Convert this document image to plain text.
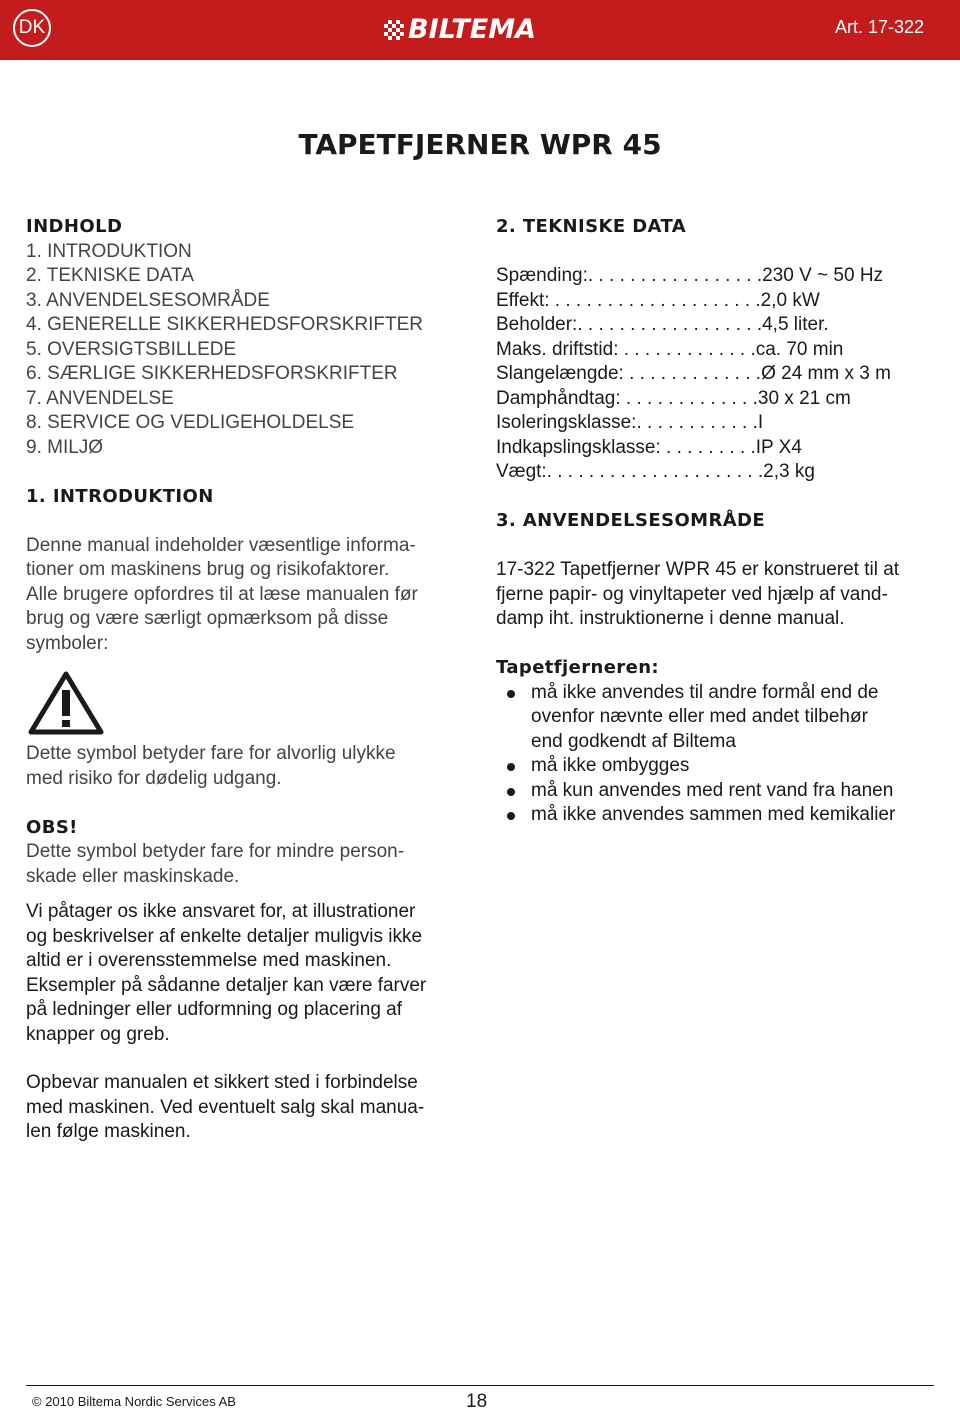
DK	BILTEMA	Art. 17-322
TAPETFJERNER WPR 45
INDHOLD
1. INTRODUKTION
2. TEKNISKE DATA
3. ANVENDELSESOMRÅDE
4. GENERELLE SIKKERHEDSFORSKRIFTER
5. OVERSIGTSBILLEDE
6. SÆRLIGE SIKKERHEDSFORSKRIFTER
7. ANVENDELSE
8. SERVICE OG VEDLIGEHOLDELSE
9. MILJØ
1. INTRODUKTION

Denne manual indeholder væsentlige informa-
tioner om maskinens brug og risikofaktorer.
Alle brugere opfordres til at læse manualen før
brug og være særligt opmærksom på disse
symboler:

Dette symbol betyder fare for alvorlig ulykke
med risiko for dødelig udgang.

OBS!

Dette symbol betyder fare for mindre person-
skade eller maskinskade.

Vi påtager os ikke ansvaret for, at illustrationer
og beskrivelser af enkelte detaljer muligvis ikke
altid er i overensstemmelse med maskinen.
Eksempler på sådanne detaljer kan være farver
på ledninger eller udformning og placering af
knapper og greb.
Opbevar manualen et sikkert sted i forbindelse
med maskinen. Ved eventuelt salg skal manua-
len følge maskinen.
2. TEKNISKE DATA
Spænding:. . . . . . . . . . . . . . . . .230 V ~ 50 Hz
Effekt: . . . . . . . . . . . . . . . . . . . .2,0 kW
Beholder:. . . . . . . . . . . . . . . . . .4,5 liter.
Maks. driftstid: . . . . . . . . . . . . .ca. 70 min
Slangelængde: . . . . . . . . . . . . .Ø 24 mm x 3 m
Damphåndtag: . . . . . . . . . . . . .30 x 21 cm
Isoleringsklasse:. . . . . . . . . . . .I
Indkapslingsklasse: . . . . . . . . .IP X4
Vægt:. . . . . . . . . . . . . . . . . . . . .2,3 kg
3. ANVENDELSESOMRÅDE

17-322 Tapetfjerner WPR 45 er konstrueret til at
fjerne papir- og vinyltapeter ved hjælp af vand-
damp iht. instruktionerne i denne manual.

Tapetfjerneren:
må ikke anvendes til andre formål end de
ovenfor nævnte eller med andet tilbehør
end godkendt af Biltema
må ikke ombygges
må kun anvendes med rent vand fra hanen
må ikke anvendes sammen med kemikalier
© 2010 Biltema Nordic Services AB	18
